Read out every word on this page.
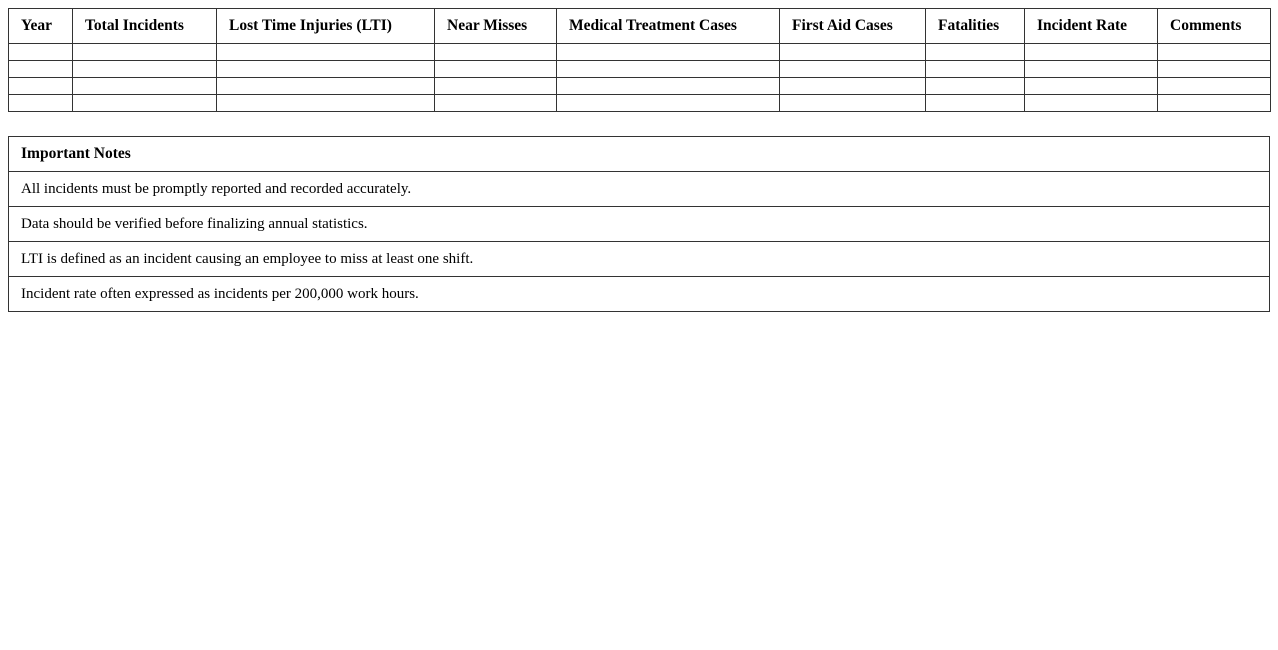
Year	Total Incidents	Lost Time Injuries (LTI)	Near Misses	Medical Treatment Cases	First Aid Cases	Fatalities	Incident Rate	Comments

Important Notes
All incidents must be promptly reported and recorded accurately.
Data should be verified before finalizing annual statistics.
LTI is defined as an incident causing an employee to miss at least one shift.
Incident rate often expressed as incidents per 200,000 work hours.
